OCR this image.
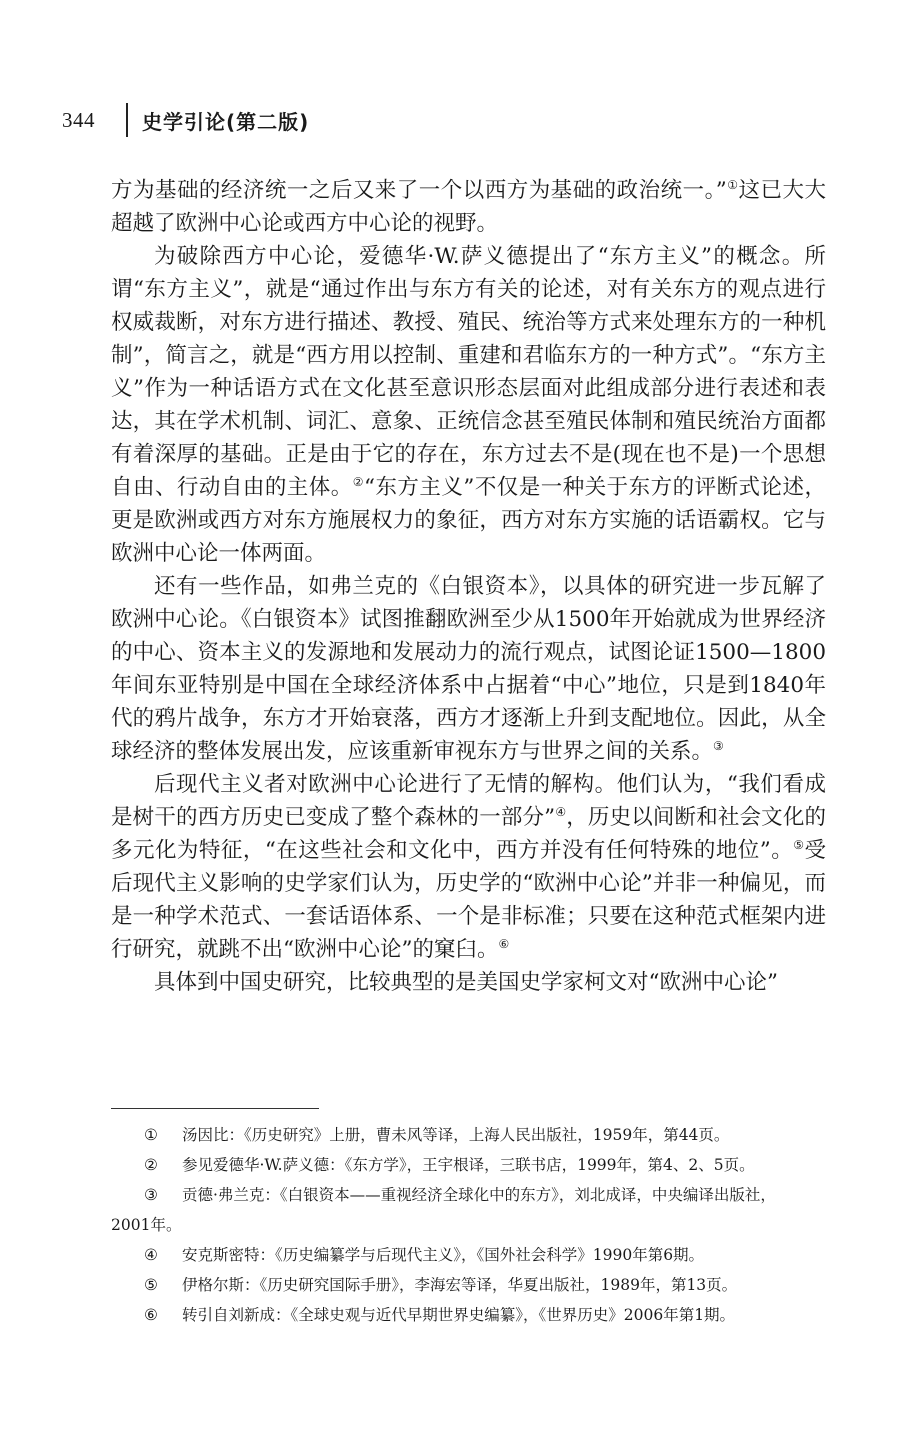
344	史学引论(第二版)

方为基础的经济统一之后又来了一个以西方为基础的政治统一。”①这已大大超越了欧洲中心论或西方中心论的视野。

为破除西方中心论，爱德华·W.萨义德提出了“东方主义”的概念。所谓“东方主义”，就是“通过作出与东方有关的论述，对有关东方的观点进行权威裁断，对东方进行描述、教授、殖民、统治等方式来处理东方的一种机制”，简言之，就是“西方用以控制、重建和君临东方的一种方式”。“东方主义”作为一种话语方式在文化甚至意识形态层面对此组成部分进行表述和表达，其在学术机制、词汇、意象、正统信念甚至殖民体制和殖民统治方面都有着深厚的基础。正是由于它的存在，东方过去不是(现在也不是)一个思想自由、行动自由的主体。②“东方主义”不仅是一种关于东方的评断式论述，更是欧洲或西方对东方施展权力的象征，西方对东方实施的话语霸权。它与欧洲中心论一体两面。

还有一些作品，如弗兰克的《白银资本》，以具体的研究进一步瓦解了欧洲中心论。《白银资本》试图推翻欧洲至少从1500年开始就成为世界经济的中心、资本主义的发源地和发展动力的流行观点，试图论证1500—1800年间东亚特别是中国在全球经济体系中占据着“中心”地位，只是到1840年代的鸦片战争，东方才开始衰落，西方才逐渐上升到支配地位。因此，从全球经济的整体发展出发，应该重新审视东方与世界之间的关系。③

后现代主义者对欧洲中心论进行了无情的解构。他们认为，“我们看成是树干的西方历史已变成了整个森林的一部分”④，历史以间断和社会文化的多元化为特征，“在这些社会和文化中，西方并没有任何特殊的地位”。⑤受后现代主义影响的史学家们认为，历史学的“欧洲中心论”并非一种偏见，而是一种学术范式、一套话语体系、一个是非标准；只要在这种范式框架内进行研究，就跳不出“欧洲中心论”的窠臼。⑥

具体到中国史研究，比较典型的是美国史学家柯文对“欧洲中心论”

① 汤因比：《历史研究》上册，曹未风等译，上海人民出版社，1959年，第44页。

② 参见爱德华·W.萨义德：《东方学》，王宇根译，三联书店，1999年，第4、2、5页。

③ 贡德·弗兰克：《白银资本——重视经济全球化中的东方》，刘北成译，中央编译出版社，

2001年。

④ 安克斯密特：《历史编纂学与后现代主义》，《国外社会科学》1990年第6期。

⑤ 伊格尔斯：《历史研究国际手册》，李海宏等译，华夏出版社，1989年，第13页。

⑥ 转引自刘新成：《全球史观与近代早期世界史编纂》，《世界历史》2006年第1期。
